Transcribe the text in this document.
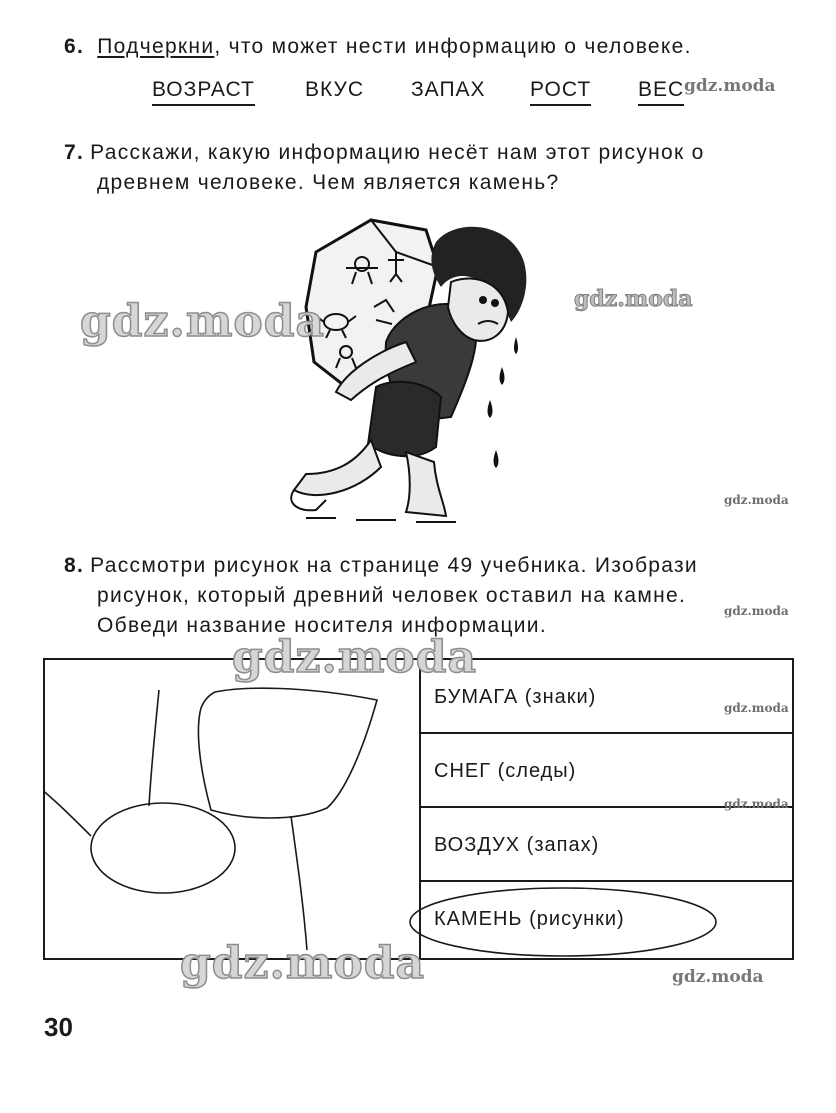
6. Подчеркни, что может нести информацию о человеке.
ВОЗРАСТ ВКУС ЗАПАХ РОСТ ВЕС gdz.moda
7. Расскажи, какую информацию несёт нам этот рисунок о
древнем человеке. Чем является камень?
gdz.moda	gdz.moda
gdz.moda
8. Рассмотри рисунок на странице 49 учебника. Изобрази
рисунок, который древний человек оставил на камне.
Обведи название носителя информации.
gdz.moda
БУМАГА (знаки)
СНЕГ (следы)
ВОЗДУХ (запах)
КАМЕНЬ (рисунки)
gdz.moda
gdz.moda
gdz.moda
gdz.moda	gdz.moda
30
